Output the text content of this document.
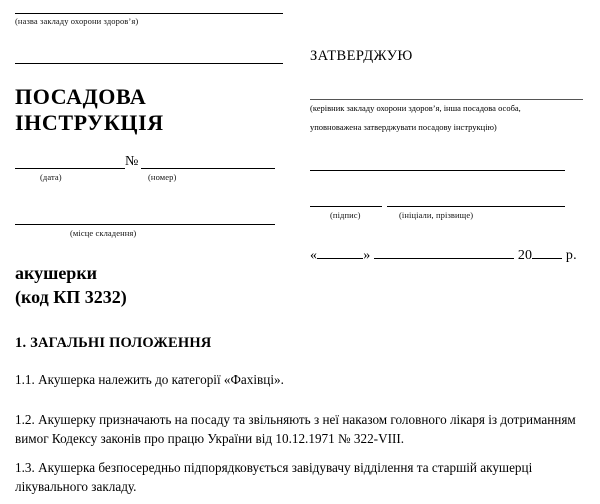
(назва закладу охорони здоров’я)
ПОСАДОВА
ІНСТРУКЦІЯ
№
(дата)	(номер)
(місце складення)
ЗАТВЕРДЖУЮ
(керівник закладу охорони здоров’я, інша посадова особа,
уповноважена затверджувати посадову інструкцію)
(підпис)	(ініціали, прізвище)
«	»	20 р.
акушерки
(код КП 3232)
1. ЗАГАЛЬНІ ПОЛОЖЕННЯ
1.1. Акушерка належить до категорії «Фахівці».
1.2. Акушерку призначають на посаду та звільняють з неї наказом головного лікаря із дотриманням вимог Кодексу законів про працю України від 10.12.1971 № 322-VIII.
1.3. Акушерка безпосередньо підпорядковується завідувачу відділення та старшій акушерці лікувального закладу.
